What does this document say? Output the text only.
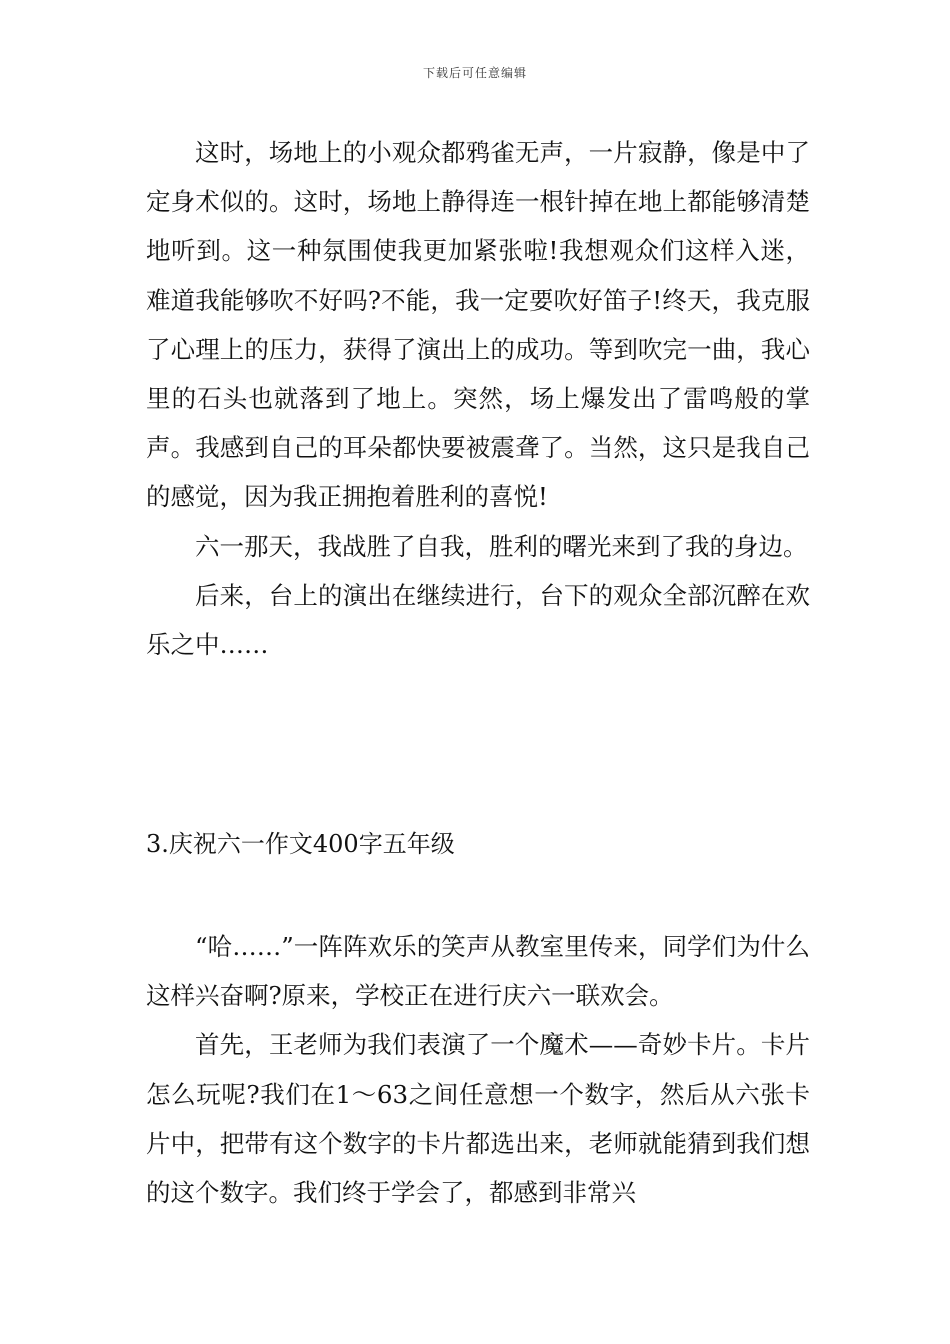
下载后可任意编辑

这时，场地上的小观众都鸦雀无声，一片寂静，像是中了定身术似的。这时，场地上静得连一根针掉在地上都能够清楚地听到。这一种氛围使我更加紧张啦!我想观众们这样入迷，难道我能够吹不好吗?不能，我一定要吹好笛子!终天，我克服了心理上的压力，获得了演出上的成功。等到吹完一曲，我心里的石头也就落到了地上。突然，场上爆发出了雷鸣般的掌声。我感到自己的耳朵都快要被震聋了。当然，这只是我自己的感觉，因为我正拥抱着胜利的喜悦!

六一那天，我战胜了自我，胜利的曙光来到了我的身边。

后来，台上的演出在继续进行，台下的观众全部沉醉在欢乐之中……

3.庆祝六一作文400字五年级

“哈……”一阵阵欢乐的笑声从教室里传来，同学们为什么这样兴奋啊?原来，学校正在进行庆六一联欢会。

首先，王老师为我们表演了一个魔术——奇妙卡片。卡片怎么玩呢?我们在1～63之间任意想一个数字，然后从六张卡片中，把带有这个数字的卡片都选出来，老师就能猜到我们想的这个数字。我们终于学会了，都感到非常兴
